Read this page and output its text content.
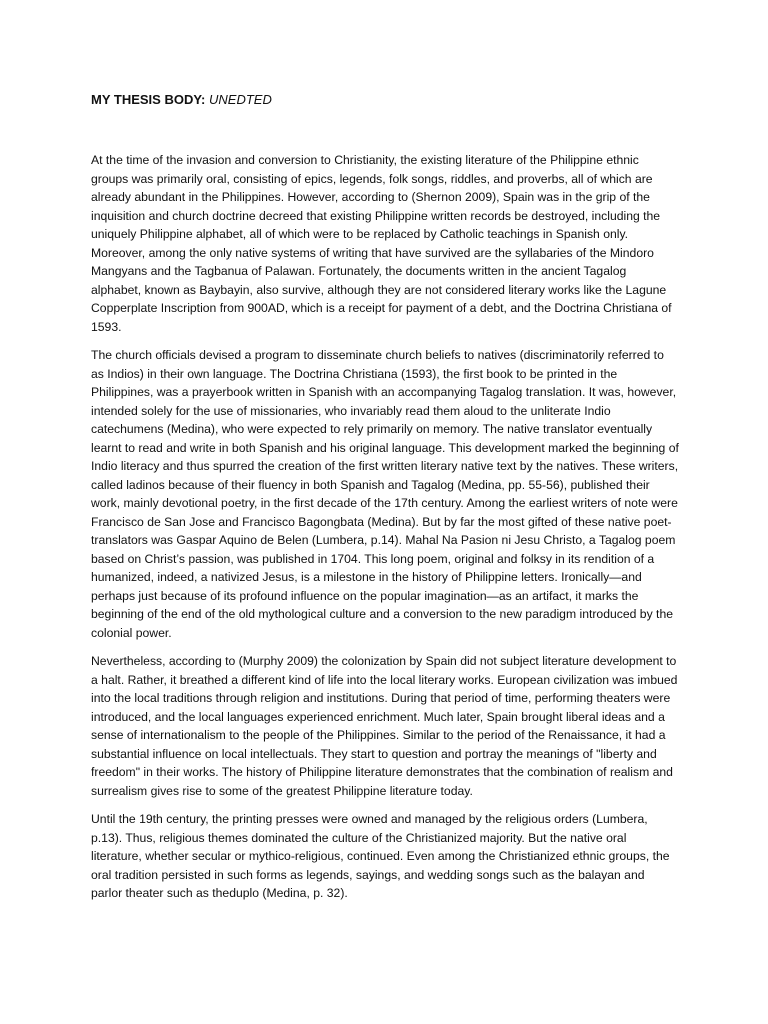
MY THESIS BODY: UNEDTED

At the time of the invasion and conversion to Christianity, the existing literature of the Philippine ethnic groups was primarily oral, consisting of epics, legends, folk songs, riddles, and proverbs, all of which are already abundant in the Philippines. However, according to (Shernon 2009), Spain was in the grip of the inquisition and church doctrine decreed that existing Philippine written records be destroyed, including the uniquely Philippine alphabet, all of which were to be replaced by Catholic teachings in Spanish only. Moreover, among the only native systems of writing that have survived are the syllabaries of the Mindoro Mangyans and the Tagbanua of Palawan. Fortunately, the documents written in the ancient Tagalog alphabet, known as Baybayin, also survive, although they are not considered literary works like the Lagune Copperplate Inscription from 900AD, which is a receipt for payment of a debt, and the Doctrina Christiana of 1593.

The church officials devised a program to disseminate church beliefs to natives (discriminatorily referred to as Indios) in their own language. The Doctrina Christiana (1593), the first book to be printed in the Philippines, was a prayerbook written in Spanish with an accompanying Tagalog translation. It was, however, intended solely for the use of missionaries, who invariably read them aloud to the unliterate Indio catechumens (Medina), who were expected to rely primarily on memory. The native translator eventually learnt to read and write in both Spanish and his original language. This development marked the beginning of Indio literacy and thus spurred the creation of the first written literary native text by the natives. These writers, called ladinos because of their fluency in both Spanish and Tagalog (Medina, pp. 55-56), published their work, mainly devotional poetry, in the first decade of the 17th century. Among the earliest writers of note were Francisco de San Jose and Francisco Bagongbata (Medina). But by far the most gifted of these native poet-translators was Gaspar Aquino de Belen (Lumbera, p.14). Mahal Na Pasion ni Jesu Christo, a Tagalog poem based on Christ’s passion, was published in 1704. This long poem, original and folksy in its rendition of a humanized, indeed, a nativized Jesus, is a milestone in the history of Philippine letters. Ironically—and perhaps just because of its profound influence on the popular imagination—as an artifact, it marks the beginning of the end of the old mythological culture and a conversion to the new paradigm introduced by the colonial power.

Nevertheless, according to (Murphy 2009) the colonization by Spain did not subject literature development to a halt. Rather, it breathed a different kind of life into the local literary works. European civilization was imbued into the local traditions through religion and institutions. During that period of time, performing theaters were introduced, and the local languages experienced enrichment. Much later, Spain brought liberal ideas and a sense of internationalism to the people of the Philippines. Similar to the period of the Renaissance, it had a substantial influence on local intellectuals. They start to question and portray the meanings of "liberty and freedom" in their works. The history of Philippine literature demonstrates that the combination of realism and surrealism gives rise to some of the greatest Philippine literature today.

Until the 19th century, the printing presses were owned and managed by the religious orders (Lumbera, p.13). Thus, religious themes dominated the culture of the Christianized majority. But the native oral literature, whether secular or mythico-religious, continued. Even among the Christianized ethnic groups, the oral tradition persisted in such forms as legends, sayings, and wedding songs such as the balayan and parlor theater such as theduplo (Medina, p. 32).
